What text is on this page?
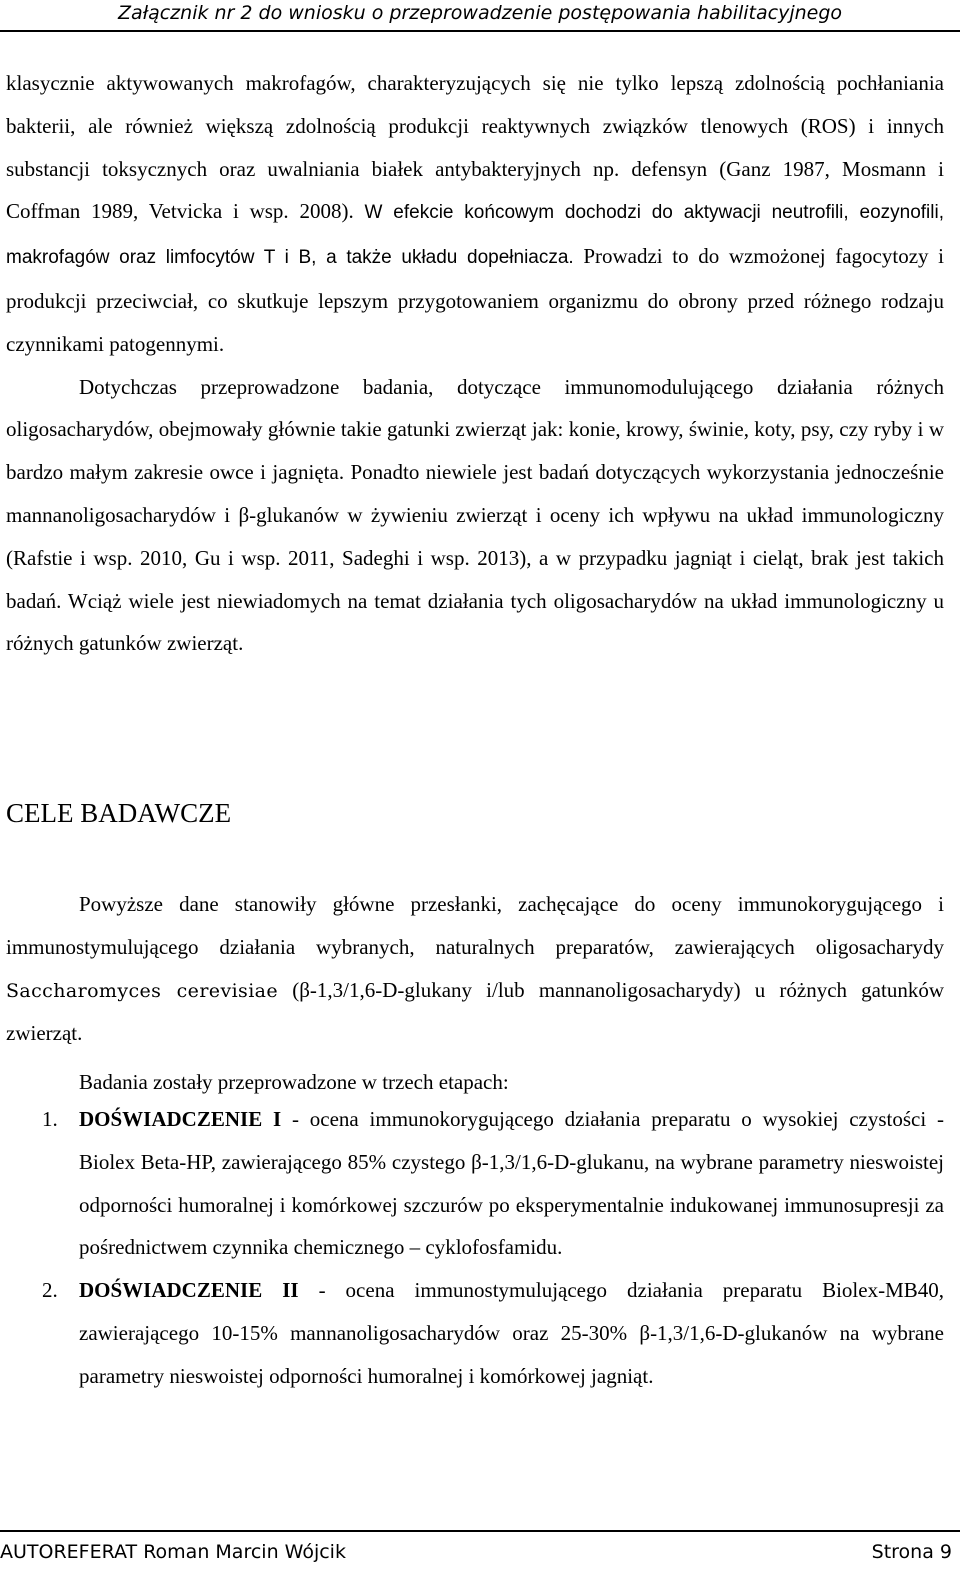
Załącznik nr 2 do wniosku o przeprowadzenie postępowania habilitacyjnego

klasycznie aktywowanych makrofagów, charakteryzujących się nie tylko lepszą zdolnością pochłaniania bakterii, ale również większą zdolnością produkcji reaktywnych związków tlenowych (ROS) i innych substancji toksycznych oraz uwalniania białek antybakteryjnych np. defensyn (Ganz 1987, Mosmann i Coffman 1989, Vetvicka i wsp. 2008). W efekcie końcowym dochodzi do aktywacji neutrofili, eozynofili, makrofagów oraz limfocytów T i B, a także układu dopełniacza. Prowadzi to do wzmożonej fagocytozy i produkcji przeciwciał, co skutkuje lepszym przygotowaniem organizmu do obrony przed różnego rodzaju czynnikami patogennymi.

Dotychczas przeprowadzone badania, dotyczące immunomodulującego działania różnych oligosacharydów, obejmowały głównie takie gatunki zwierząt jak: konie, krowy, świnie, koty, psy, czy ryby i w bardzo małym zakresie owce i jagnięta. Ponadto niewiele jest badań dotyczących wykorzystania jednocześnie mannanoligosacharydów i β-glukanów w żywieniu zwierząt i oceny ich wpływu na układ immunologiczny (Rafstie i wsp. 2010, Gu i wsp. 2011, Sadeghi i wsp. 2013), a w przypadku jagniąt i cieląt, brak jest takich badań. Wciąż wiele jest niewiadomych na temat działania tych oligosacharydów na układ immunologiczny u różnych gatunków zwierząt.

CELE BADAWCZE

Powyższe dane stanowiły główne przesłanki, zachęcające do oceny immunokorygującego i immunostymulującego działania wybranych, naturalnych preparatów, zawierających oligosacharydy Saccharomyces cerevisiae (β-1,3/1,6-D-glukany i/lub mannanoligosacharydy) u różnych gatunków zwierząt.

Badania zostały przeprowadzone w trzech etapach:

1. DOŚWIADCZENIE I - ocena immunokorygującego działania preparatu o wysokiej czystości - Biolex Beta-HP, zawierającego 85% czystego β-1,3/1,6-D-glukanu, na wybrane parametry nieswoistej odporności humoralnej i komórkowej szczurów po eksperymentalnie indukowanej immunosupresji za pośrednictwem czynnika chemicznego – cyklofosfamidu.
2. DOŚWIADCZENIE II - ocena immunostymulującego działania preparatu Biolex-MB40, zawierającego 10-15% mannanoligosacharydów oraz 25-30% β-1,3/1,6-D-glukanów na wybrane parametry nieswoistej odporności humoralnej i komórkowej jagniąt.
AUTOREFERAT Roman Marcin Wójcik	Strona 9
